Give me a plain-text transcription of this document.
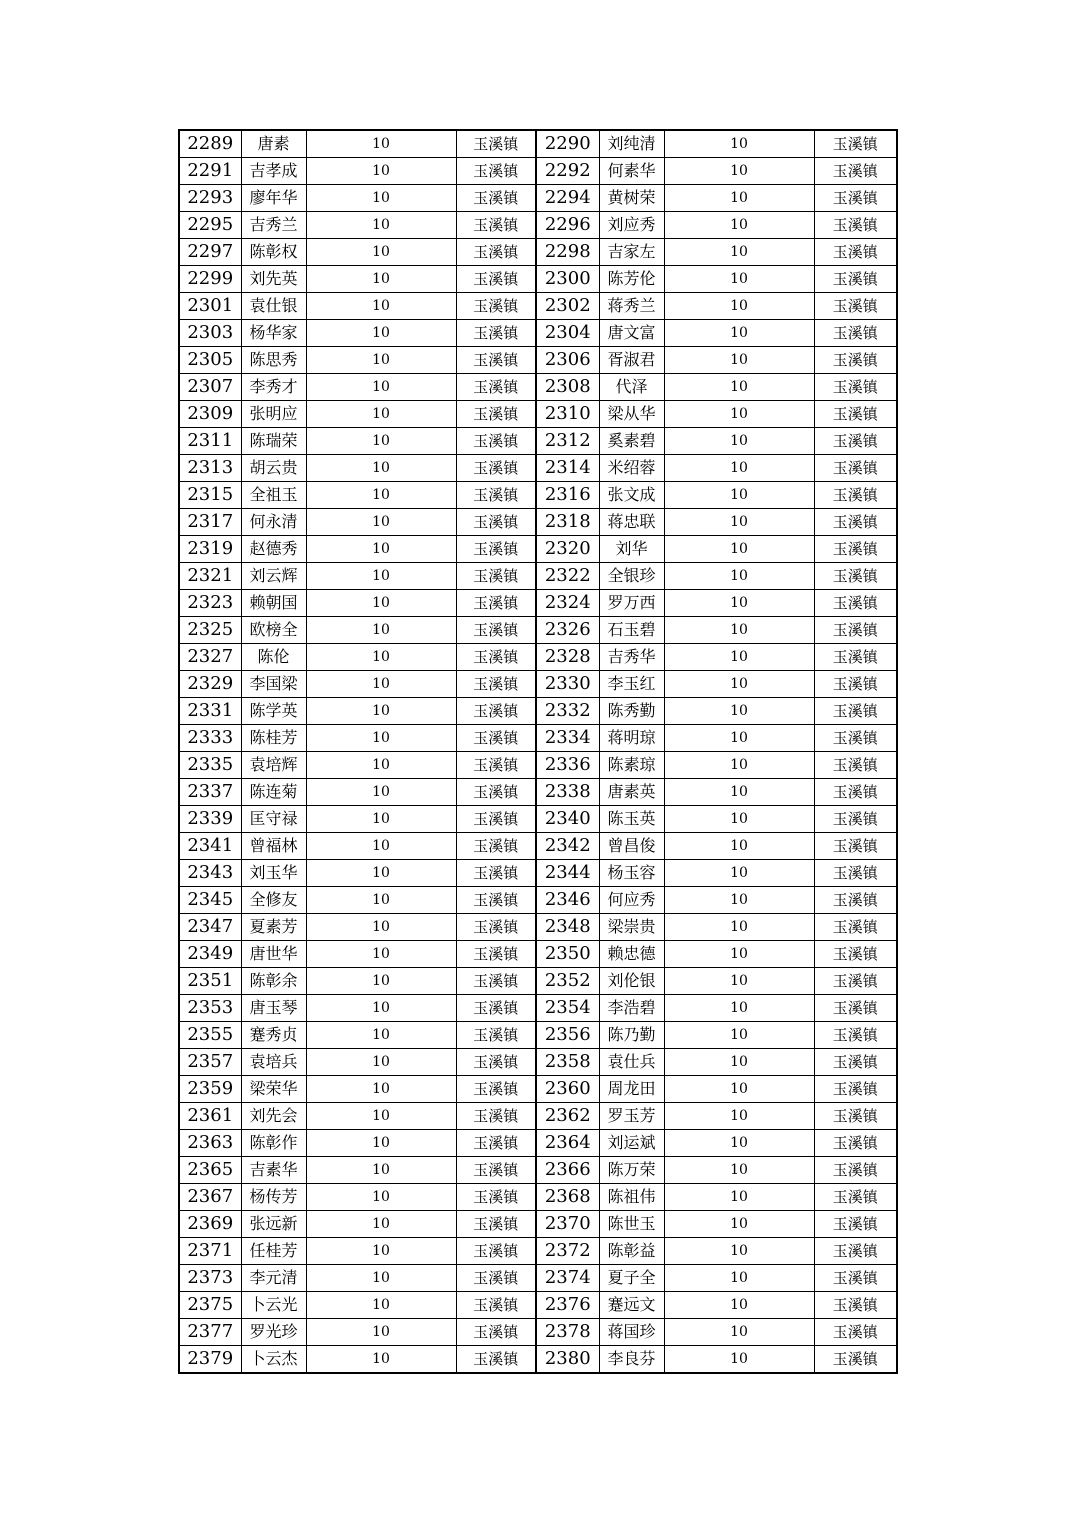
2289	唐素	10	玉溪镇	2290	刘纯清	10	玉溪镇
2291	吉孝成	10	玉溪镇	2292	何素华	10	玉溪镇
2293	廖年华	10	玉溪镇	2294	黄树荣	10	玉溪镇
2295	吉秀兰	10	玉溪镇	2296	刘应秀	10	玉溪镇
2297	陈彰权	10	玉溪镇	2298	吉家左	10	玉溪镇
2299	刘先英	10	玉溪镇	2300	陈芳伦	10	玉溪镇
2301	袁仕银	10	玉溪镇	2302	蒋秀兰	10	玉溪镇
2303	杨华家	10	玉溪镇	2304	唐文富	10	玉溪镇
2305	陈思秀	10	玉溪镇	2306	胥淑君	10	玉溪镇
2307	李秀才	10	玉溪镇	2308	代泽	10	玉溪镇
2309	张明应	10	玉溪镇	2310	梁从华	10	玉溪镇
2311	陈瑞荣	10	玉溪镇	2312	奚素碧	10	玉溪镇
2313	胡云贵	10	玉溪镇	2314	米绍蓉	10	玉溪镇
2315	全祖玉	10	玉溪镇	2316	张文成	10	玉溪镇
2317	何永清	10	玉溪镇	2318	蒋忠联	10	玉溪镇
2319	赵德秀	10	玉溪镇	2320	刘华	10	玉溪镇
2321	刘云辉	10	玉溪镇	2322	全银珍	10	玉溪镇
2323	赖朝国	10	玉溪镇	2324	罗万西	10	玉溪镇
2325	欧榜全	10	玉溪镇	2326	石玉碧	10	玉溪镇
2327	陈伦	10	玉溪镇	2328	吉秀华	10	玉溪镇
2329	李国梁	10	玉溪镇	2330	李玉红	10	玉溪镇
2331	陈学英	10	玉溪镇	2332	陈秀勤	10	玉溪镇
2333	陈桂芳	10	玉溪镇	2334	蒋明琼	10	玉溪镇
2335	袁培辉	10	玉溪镇	2336	陈素琼	10	玉溪镇
2337	陈连菊	10	玉溪镇	2338	唐素英	10	玉溪镇
2339	匡守禄	10	玉溪镇	2340	陈玉英	10	玉溪镇
2341	曾福林	10	玉溪镇	2342	曾昌俊	10	玉溪镇
2343	刘玉华	10	玉溪镇	2344	杨玉容	10	玉溪镇
2345	全修友	10	玉溪镇	2346	何应秀	10	玉溪镇
2347	夏素芳	10	玉溪镇	2348	梁崇贵	10	玉溪镇
2349	唐世华	10	玉溪镇	2350	赖忠德	10	玉溪镇
2351	陈彰余	10	玉溪镇	2352	刘伦银	10	玉溪镇
2353	唐玉琴	10	玉溪镇	2354	李浩碧	10	玉溪镇
2355	蹇秀贞	10	玉溪镇	2356	陈乃勤	10	玉溪镇
2357	袁培兵	10	玉溪镇	2358	袁仕兵	10	玉溪镇
2359	梁荣华	10	玉溪镇	2360	周龙田	10	玉溪镇
2361	刘先会	10	玉溪镇	2362	罗玉芳	10	玉溪镇
2363	陈彰作	10	玉溪镇	2364	刘运斌	10	玉溪镇
2365	吉素华	10	玉溪镇	2366	陈万荣	10	玉溪镇
2367	杨传芳	10	玉溪镇	2368	陈祖伟	10	玉溪镇
2369	张远新	10	玉溪镇	2370	陈世玉	10	玉溪镇
2371	任桂芳	10	玉溪镇	2372	陈彰益	10	玉溪镇
2373	李元清	10	玉溪镇	2374	夏子全	10	玉溪镇
2375	卜云光	10	玉溪镇	2376	蹇远文	10	玉溪镇
2377	罗光珍	10	玉溪镇	2378	蒋国珍	10	玉溪镇
2379	卜云杰	10	玉溪镇	2380	李良芬	10	玉溪镇
